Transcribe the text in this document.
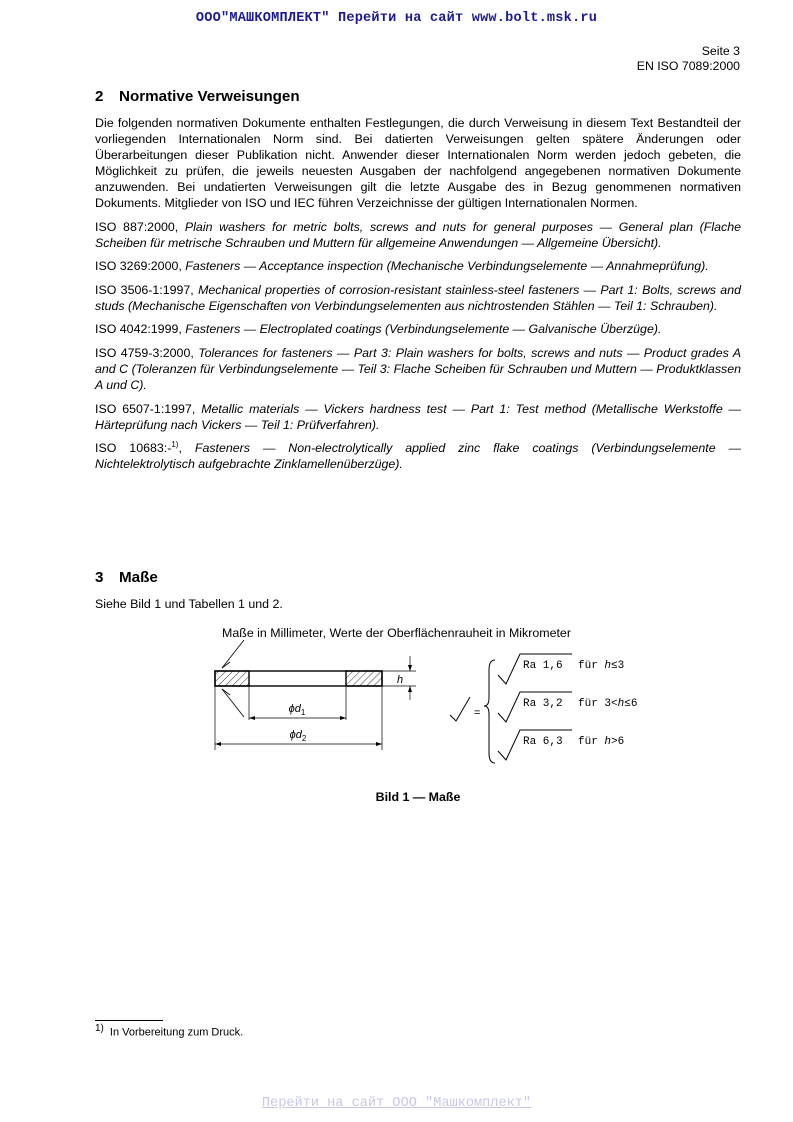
ООО"МАШКОМПЛЕКТ" Перейти на сайт www.bolt.msk.ru
Seite 3
EN ISO 7089:2000
2 Normative Verweisungen

Die folgenden normativen Dokumente enthalten Festlegungen, die durch Verweisung in diesem Text Bestandteil der vorliegenden Internationalen Norm sind. Bei datierten Verweisungen gelten spätere Änderungen oder Überarbeitungen dieser Publikation nicht. Anwender dieser Internationalen Norm werden jedoch gebeten, die Möglichkeit zu prüfen, die jeweils neuesten Ausgaben der nachfolgend angegebenen normativen Dokumente anzuwenden. Bei undatierten Verweisungen gilt die letzte Ausgabe des in Bezug genommenen normativen Dokuments. Mitglieder von ISO und IEC führen Verzeichnisse der gültigen Internationalen Normen.

ISO 887:2000, Plain washers for metric bolts, screws and nuts for general purposes — General plan (Flache Scheiben für metrische Schrauben und Muttern für allgemeine Anwendungen — Allgemeine Übersicht).

ISO 3269:2000, Fasteners — Acceptance inspection (Mechanische Verbindungselemente — Annahmeprüfung).

ISO 3506-1:1997, Mechanical properties of corrosion-resistant stainless-steel fasteners — Part 1: Bolts, screws and studs (Mechanische Eigenschaften von Verbindungselementen aus nichtrostenden Stählen — Teil 1: Schrauben).

ISO 4042:1999, Fasteners — Electroplated coatings (Verbindungselemente — Galvanische Überzüge).

ISO 4759-3:2000, Tolerances for fasteners — Part 3: Plain washers for bolts, screws and nuts — Product grades A and C (Toleranzen für Verbindungselemente — Teil 3: Flache Scheiben für Schrauben und Muttern — Produktklassen A und C).

ISO 6507-1:1997, Metallic materials — Vickers hardness test — Part 1: Test method (Metallische Werkstoffe — Härteprüfung nach Vickers — Teil 1: Prüfverfahren).

ISO 10683:-$^{1)}$, Fasteners — Non-electrolytically applied zinc flake coatings (Verbindungselemente — Nichtelektrolytisch aufgebrachte Zinklamellenüberzüge).

3 Maße

Siehe Bild 1 und Tabellen 1 und 2.

Maße in Millimeter, Werte der Oberflächenrauheit in Mikrometer
h
$\phi d_1$
$\phi d_2$
=
Ra 1,6 für h≤3
Ra 3,2 für 3<h≤6
Ra 6,3 für h>6
Bild 1 — Maße
1) In Vorbereitung zum Druck.
Перейти на сайт ООО "Машкомплект"
